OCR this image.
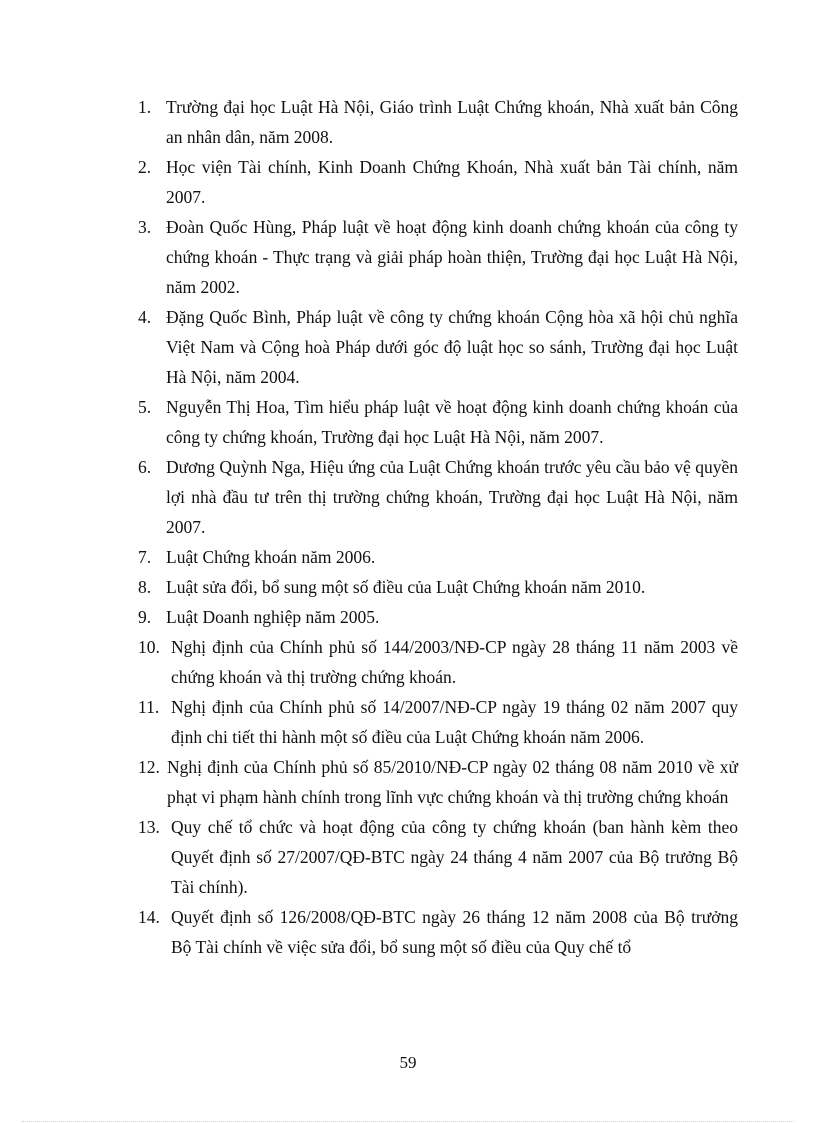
1. Trường đại học Luật Hà Nội, Giáo trình Luật Chứng khoán, Nhà xuất bản Công an nhân dân, năm 2008.
2. Học viện Tài chính, Kinh Doanh Chứng Khoán, Nhà xuất bản Tài chính, năm 2007.
3. Đoàn Quốc Hùng, Pháp luật về hoạt động kinh doanh chứng khoán của công ty chứng khoán - Thực trạng và giải pháp hoàn thiện, Trường đại học Luật Hà Nội, năm 2002.
4. Đặng Quốc Bình, Pháp luật về công ty chứng khoán Cộng hòa xã hội chủ nghĩa Việt Nam và Cộng hoà Pháp dưới góc độ luật học so sánh, Trường đại học Luật Hà Nội, năm 2004.
5. Nguyễn Thị Hoa, Tìm hiểu pháp luật về hoạt động kinh doanh chứng khoán của công ty chứng khoán, Trường đại học Luật Hà Nội, năm 2007.
6. Dương Quỳnh Nga, Hiệu ứng của Luật Chứng khoán trước yêu cầu bảo vệ quyền lợi nhà đầu tư trên thị trường chứng khoán, Trường đại học Luật Hà Nội, năm 2007.
7. Luật Chứng khoán năm 2006.
8. Luật sửa đổi, bổ sung một số điều của Luật Chứng khoán năm 2010.
9. Luật Doanh nghiệp năm 2005.
10. Nghị định của Chính phủ số 144/2003/NĐ-CP ngày 28 tháng 11 năm 2003 về chứng khoán và thị trường chứng khoán.
11. Nghị định của Chính phủ số 14/2007/NĐ-CP ngày 19 tháng 02 năm 2007 quy định chi tiết thi hành một số điều của Luật Chứng khoán năm 2006.
12. Nghị định của Chính phủ số 85/2010/NĐ-CP ngày 02 tháng 08 năm 2010 về xử phạt vi phạm hành chính trong lĩnh vực chứng khoán và thị trường chứng khoán
13. Quy chế tổ chức và hoạt động của công ty chứng khoán (ban hành kèm theo Quyết định số 27/2007/QĐ-BTC ngày 24 tháng 4 năm 2007 của Bộ trưởng Bộ Tài chính).
14. Quyết định số 126/2008/QĐ-BTC ngày 26 tháng 12 năm 2008 của Bộ trưởng Bộ Tài chính về việc sửa đổi, bổ sung một số điều của Quy chế tổ
59
